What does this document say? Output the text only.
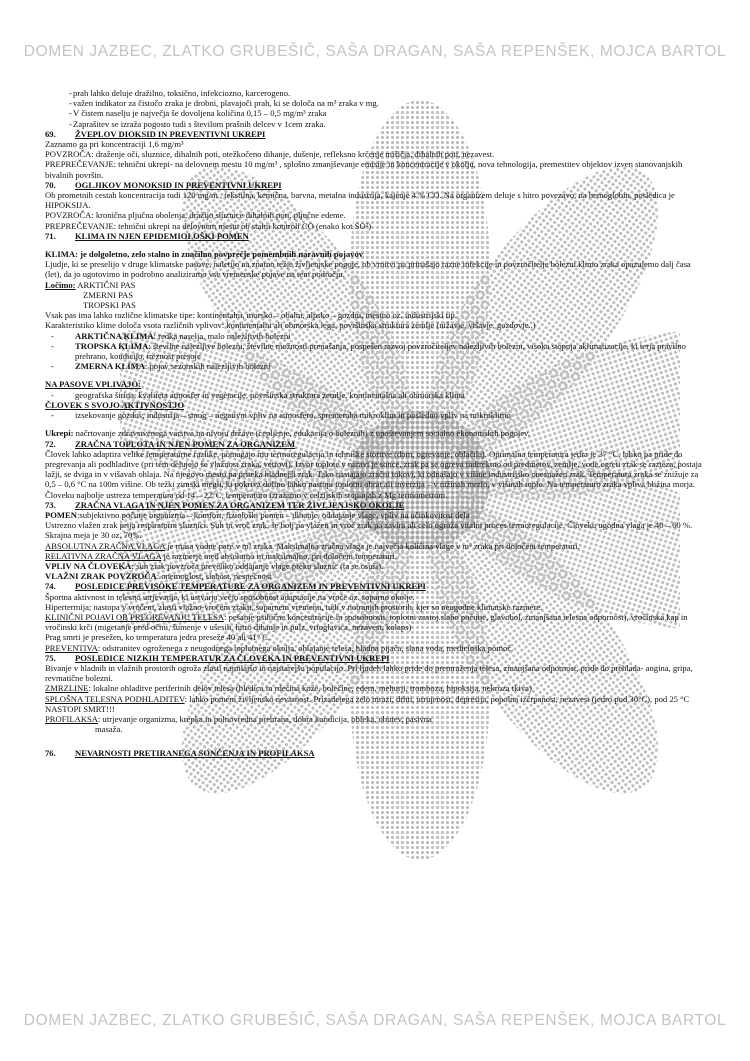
DOMEN JAZBEC, ZLATKO GRUBEŠIČ, SAŠA DRAGAN, SAŠA REPENŠEK, MOJCA BARTOL

- prah lahko deluje dražilno, toksično, infekciozno, karcerogeno.

- važen indikator za čistočo zraka je drobni, plavajoči prah, ki se določa na m³ zraka v mg.

- V čistem naselju je največja še dovoljena količina 0,15 – 0,5 mg/m³ zraka

- Zaprašitev se izraža pogosto tudi s številom prašnih delcev v 1cem zraka.

69. ŽVEPLOV DIOKSID IN PREVENTIVNI UKREPI

Zaznamo ga pri koncentraciji 1,6 mg/m³

POVZROČA: draženje oči, sluznice, dihalnih poti, otežkočeno dihanje, dušenje, refleksno krčenje mišičja, dihalnih poti, nezavest.

PREPREČEVANJE: tehnični ukrepi- na delovnem mestu 10 mg/m³ , splošno zmanjševanje emisije in koncentracije v okolju, nova tehnologija, premestitev objektov izven stanovanjskih bivalnih površin.

70. OGLJIKOV MONOKSID IN PREVENTIVNI UKREPI

Ob prometnih cestah koncentracija tudi 120 mg/m , tekstilna, kemična, barvna, metalna industrija, kajenje 4 % CO. Na organizem deluje s hitro povezavo, na hemoglobin, posledica je HIPOKSIJA.

POVZROČA: kronična pljučna obolenja, dražijo sluznice dihalnih poti, pljučne edeme.

PREPREČEVANJE: tehnični ukrepi na delovnem mestu ob stalni kontroli CO (enako kot SO²)

71. KLIMA IN NJEN EPIDEMIOLOŠKI POMEN

KLIMA: je dolgoletno, zelo stalno in značilno povprečje pomembnih naravnih pojavov

Ljudje, ki se preselijo v druge klimatske pasove, naletijo na znatno težje življenjske pogoje, ob vrnitvi pa prinašajo razne infekcije in povzročitelje bolezni.klimo zraka opazujemo dalj časa (let), da jo ugotovimo in podrobno analiziramo vse vremenske pojave na tem področju.

Ločimo: ARKTIČNI PAS

ZMERNI PAS

TROPSKI PAS

Vsak pas ima lahko različne klimatske tipe: kontinentalni, morsko – obalni, alpsko – gozdni, mestno oz. industrijski tip.

Karakteristiko klime določa vsota različnih vplivov: kontinentalni ali obmorska lega, površinska struktura zemlje (nižavje, višavje, gozdovje..)

- ARKTIČNA KLIMA: redka naselja, malo nalezljivih bolezni

- TROPSKA KLIMA: številne nalezljive bolezni, številne možnosti prenašanja, pospešen razvoj povzročiteljev nalezljivih bolezni, visoka stopnja aklimatizacije, ki terja pravilno prehrano, kondicijo, treznost presoje

- ZMERNA KLIMA: pojav sezonskih nalezljivih bolezni

NA PASOVE VPLIVAJO:

- geografska širina, kvaliteta atmosfer in vegetacije, površinska struktura zemlje, kontinentalna ali obmorska klima

ČLOVEK S SVOJO AKTIVNOSTJO

- izsekovanje gozdov, industrija – smog – negativni vpliv na atmosfero, sprememba mikroklim in posledno vpliv na mikroklimo

Ukrepi: načrtovanje zdravstvenega varstva na nivoju države (cepljenje, edukacija o boleznih) z upoštevanjem socialno ekonomskih pogojev.

72. ZRAČNA TOPLOTA IN NJEN POMEN ZA ORGANIZEM

Človek lahko adaptira velike temperaturne razlike, pomagajo mu termoregulacija in tehniške storitve (dom, ogrevanje, oblačila). Optimalna temperatura jedra je 37 °C, lahko pa pride do pregrevanja ali podhladitve (pri tem delujejo še vlažnost zraka, vetrovi). Izvor toplote v naravi je sonce, zrak pa se ogreva indirektno od predmetov, zemlje, vode.ogreti zrak se razteza, postaja lažji, se dviga in v višavah ohlaja. Na njegovo mesto pa priteka hladnejši zrak. Tako nastajajo zračni tokovi, ki odnašajo v višine industrijsko onesnažen zrak. Temperatura zraka se znižuje za 0,5 – 0,6 °C na 100m višine. Ob težki zimski megli, ki pokriva dolino lahko nastopi toplotni obrat ali inverzija – v nižinah mrzlo, v višinah toplo. Na temperaturo zraka vpliva bližina morja. Človeku najbolje ustreza temperatura od 14 – 22°C. temperaturo izražamo v celzijskih stopinjah z Mg termometrom.

73. ZRAČNA VLAGA IN NJEN POMEN ZA ORGANIZEM TER ŽIVLJENJSKO OKOLJE

POMEN:subjektivno počutje organizma – komfort, fiziološki pomen – dihanje, oddajanje vlage, vpliv na učinkovitost dela

Ustrezno vlažen zrak prija respiratorni sluznici. Suh in vroč zrak, še bolj pa vlažen in vroč zrak pa zavira ali celo ogroža vitalni proces termoregulacije. Človeku ugodna vlaga je 40 – 60 %. Skrajna meja je 30 oz. 70%.

ABSOLUTNA ZRAČNA VLAGA je masa vodne pare v m³ zraka. Maksimalna zračna vlaga je največja količina vlage v m³ zraka pri določeni temperaturi.

RELATIVNA ZRAČNA VLAGA je razmerje med absolutno in maksimalno, pri določeni temperaturi.

VPLIV NA ČLOVEKA: suh zrak povzroča preveliko oddajanje vlage preko sluznic (ta se osuši).

VLAŽNI ZRAK POVZROČA: onemoglost, slabost, nespečnost

74. POSLEDICE PREVISOKE TEMPERATURE ZA ORGANIZEM IN PREVENTIVNI UKREPI

Športna aktivnost in telesno utrjevanje, ki ustvarja večjo sposobnost adaptacije na vroče oz. soparno okolje.

Hipertermija; nastopa v vročem, zlasti vlažno-vročem zraku, soparnem vremenu, tudi v notranjih prostorih, kjer so neugodne klimatske razmere.

KLINIČNI POJAVI OB PREGREVANJU TELESA: pešanje psihične koncentracije in sposobnosti, toplotni zastoj.slabo počutje, glavobol, zmanjšana telesna odpornost), vročinska kap in vročinski krči (migetanje pred očmi, šumenje v ušesih, hitro dihanje in pulz, vrtoglavica, nezavest, kolaps)

Prag smrti je presežen, ko temperatura jedra preseže 40 ali 41° C.

PREVENTIVA: odstranitev ogroženega z neugodnega toplotnega okolja, ohlajanje telesa, hladna pijača, slana voda, medicinska pomoč.

75. POSLEDICE NIZKIH TEMPERATUR ZA ČLOVEKA IN PREVENTIVNI UKREPI

Bivanje v hladnih in vlažnih prostorih ogroža zlasti najmlajšo in najstarejšo populacijo. Pri ljudeh lahko pride do premraženja telesa, zmanjšana odpornost, pride do prehlada- angina, gripa, revmatične bolezni.

ZMRZLINE: lokalne ohladitve periferinih delov telesa (bledica in rdečina kože, bolečine, edem, mehurji, tromboza, hipoksija, nekroza tkiva)

SPLOŠNA TELESNA PODHLADITEV: lahko pomeni življensko nevarnost. Prizadetega zelo mrazi, drhti, utrujenost, depresija, popolna izčrpanost, nezavest (jedro pod 30°C), pod 25 °C NASTOPI SMRT!!!

PROFILAKSA: utrjevanje organizma, krepka in polnovredna prehrana, dobra kondicija, obleka, obutev, pasivna

masaža.

76. NEVARNOSTI PRETIRANEGA SONČENJA IN PROFILAKSA

DOMEN JAZBEC, ZLATKO GRUBEŠIČ, SAŠA DRAGAN, SAŠA REPENŠEK, MOJCA BARTOL
